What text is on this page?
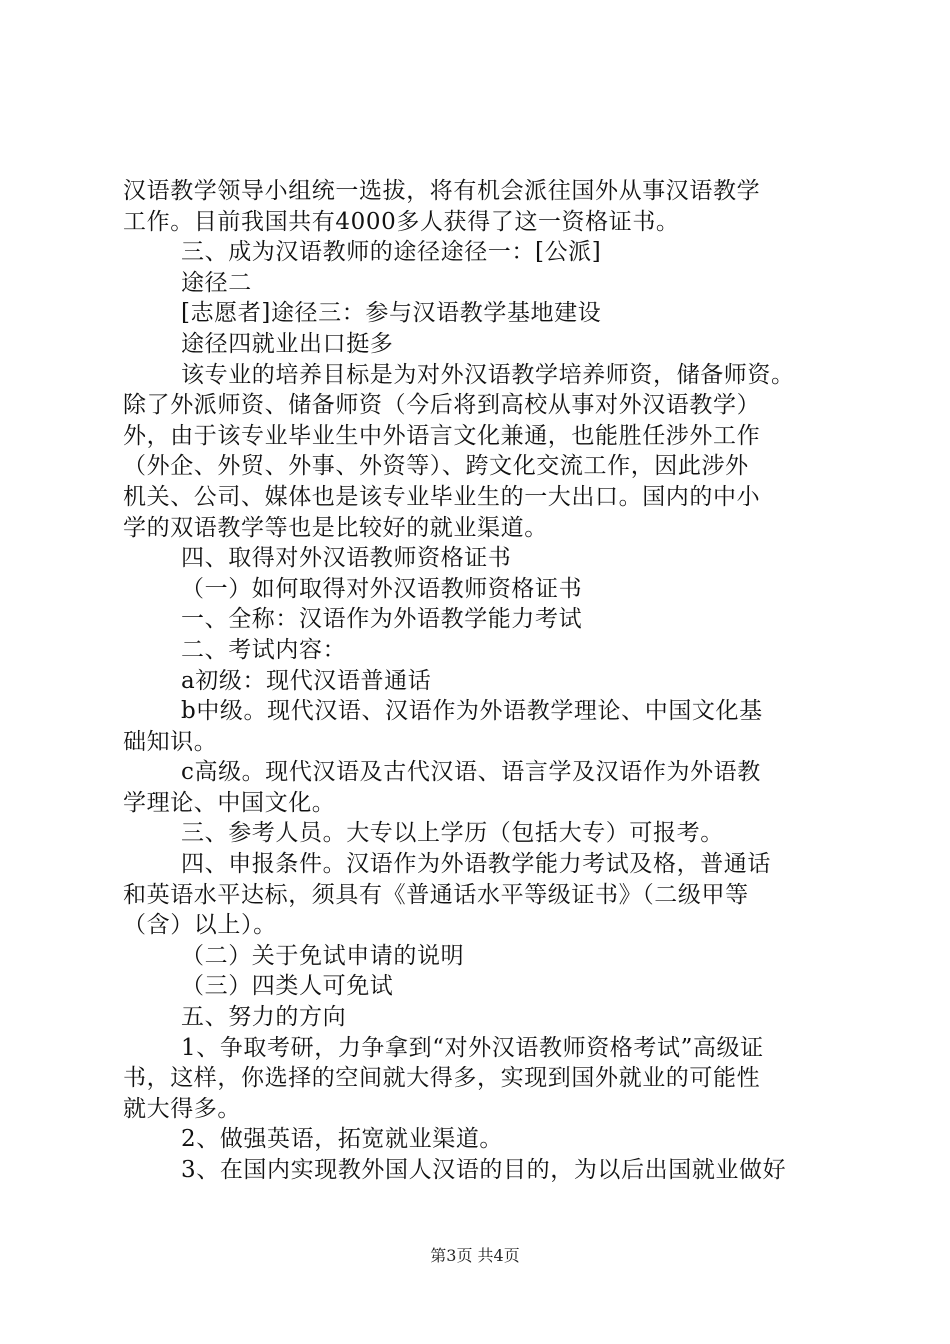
汉语教学领导小组统一选拔，将有机会派往国外从事汉语教学
工作。目前我国共有4000多人获得了这一资格证书。
三、成为汉语教师的途径途径一：[公派]
途径二
[志愿者]途径三：参与汉语教学基地建设
途径四就业出口挺多
该专业的培养目标是为对外汉语教学培养师资，储备师资。
除了外派师资、储备师资（今后将到高校从事对外汉语教学）
外，由于该专业毕业生中外语言文化兼通，也能胜任涉外工作
（外企、外贸、外事、外资等）、跨文化交流工作，因此涉外
机关、公司、媒体也是该专业毕业生的一大出口。国内的中小
学的双语教学等也是比较好的就业渠道。
四、取得对外汉语教师资格证书
（一）如何取得对外汉语教师资格证书
一、全称：汉语作为外语教学能力考试
二、考试内容：
a初级：现代汉语普通话
b中级。现代汉语、汉语作为外语教学理论、中国文化基
础知识。
c高级。现代汉语及古代汉语、语言学及汉语作为外语教
学理论、中国文化。
三、参考人员。大专以上学历（包括大专）可报考。
四、申报条件。汉语作为外语教学能力考试及格，普通话
和英语水平达标，须具有《普通话水平等级证书》（二级甲等
（含）以上）。
（二）关于免试申请的说明
（三）四类人可免试
五、努力的方向
1、争取考研，力争拿到“对外汉语教师资格考试”高级证
书，这样，你选择的空间就大得多，实现到国外就业的可能性
就大得多。
2、做强英语，拓宽就业渠道。
3、在国内实现教外国人汉语的目的，为以后出国就业做好
第3页 共4页
